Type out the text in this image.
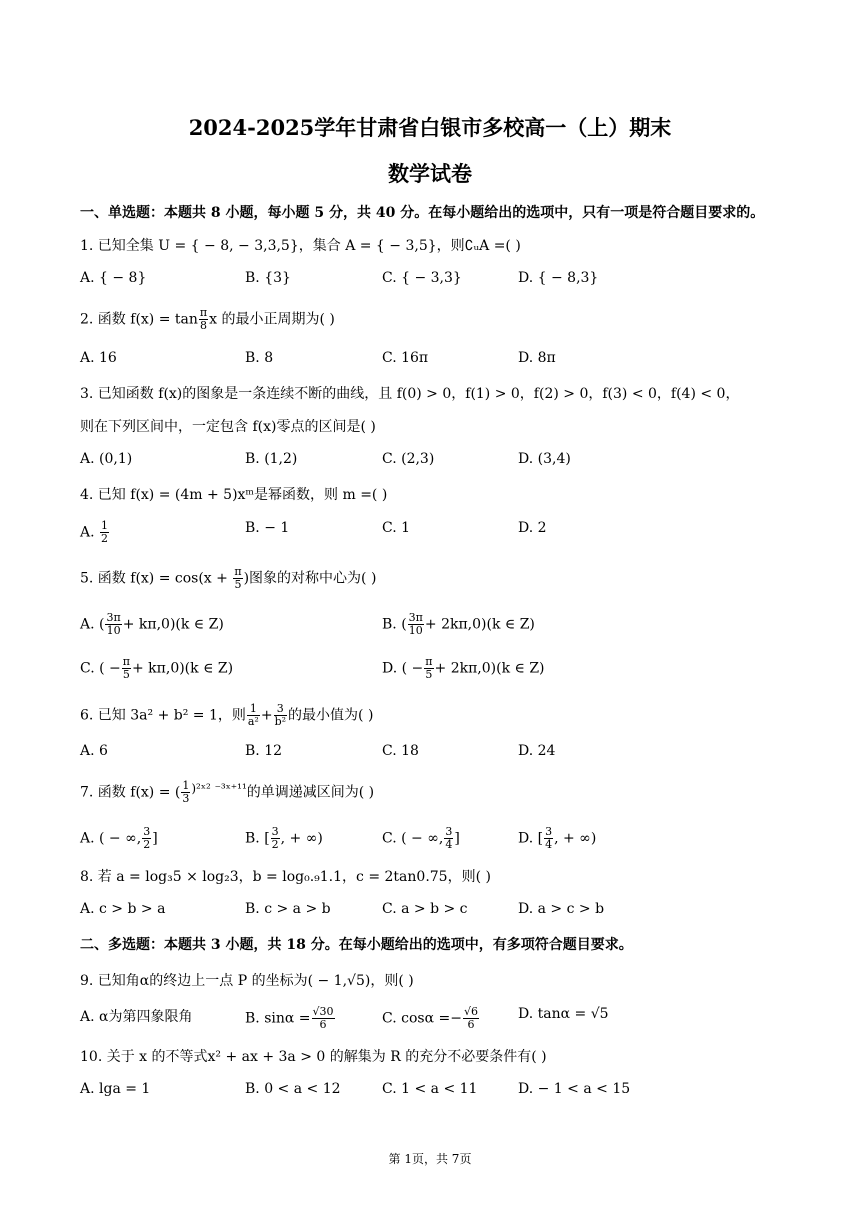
2024-2025学年甘肃省白银市多校高一（上）期末
数学试卷
一、单选题：本题共 8 小题，每小题 5 分，共 40 分。在每小题给出的选项中，只有一项是符合题目要求的。
1. 已知全集 U = { − 8, − 3,3,5}，集合 A = { − 3,5}，则∁ᵤA =( )
A. { − 8}	B. {3}	C. { − 3,3}	D. { − 8,3}
2. 函数 $f(x) = \tan \frac{\pi}{8}$ x 的最小正周期为( )
A. 16	B. 8	C. 16π	D. 8π
3. 已知函数 f(x)的图象是一条连续不断的曲线，且 f(0) > 0，f(1) > 0，f(2) > 0，f(3) < 0，f(4) < 0，
则在下列区间中，一定包含 f(x)零点的区间是( )
A. (0,1)	B. (1,2)	C. (2,3)	D. (3,4)
4. 已知 f(x) = (4m + 5)xᵐ是幂函数，则 m =( )
A. $\frac{1}{2}$	B. − 1	C. 1	D. 2
5. 函数 $f(x) = \cos(x + \frac{\pi}{5}$ )图象的对称中心为( )
A. ( $\frac{3\pi}{10} + k\pi,0)(k$ ∈ Z)	B. ( $\frac{3\pi}{10} + 2k\pi,0)(k$ ∈ Z)
C. ( − $\frac{\pi}{5} + k\pi,0)(k$ ∈ Z)	D. ( − $\frac{\pi}{5} + 2k\pi,0)(k$ ∈ Z)
6. 已知 3a² + b² = 1，则 $\frac{1}{\text{a²}} + \frac{3}{\text{b²}}$ 的最小值为( )
A. 6	B. 12	C. 18	D. 24
7. 函数 f(x) = ( $\frac{1}{3}$ )²ˣ² ⁻³ˣ⁺¹¹的单调递减区间为( )
A. ( − ∞, $\frac{3}{2}$ ]	B. [ $\frac{3}{2}$ , + ∞)	C. ( − ∞, $\frac{3}{4}$ ]	D. [ $\frac{3}{4}$ , + ∞)
8. 若 a = log₃5 × log₂3，b = log₀.₉1.1，c = 2tan0.75，则( )
A. c > b > a	B. c > a > b	C. a > b > c	D. a > c > b
二、多选题：本题共 3 小题，共 18 分。在每小题给出的选项中，有多项符合题目要求。
9. 已知角α的终边上一点 P 的坐标为( − 1,√5)，则( )
A. α为第四象限角	B. $\sin\alpha = \frac{√30}{6}$	C. $\cos\alpha =- \frac{√6}{6}$	D. tanα = √5
10. 关于 x 的不等式x² + ax + 3a > 0 的解集为 R 的充分不必要条件有( )
A. lga = 1	B. 0 < a < 12	C. 1 < a < 11	D. − 1 < a < 15
第 1页，共 7页
